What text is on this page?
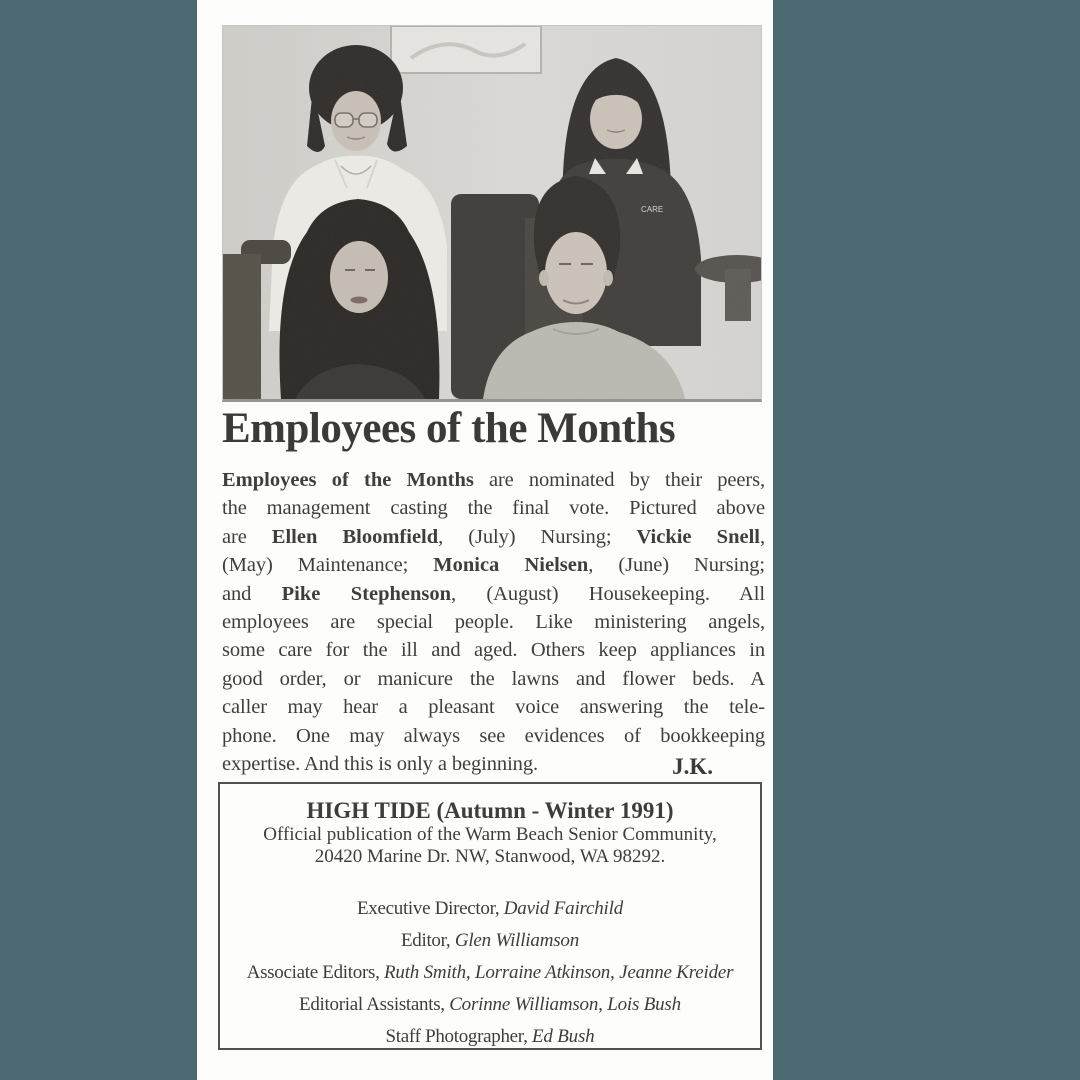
Employees of the Months
J.K.
Employees of the Months are nominated by their peers,
the management casting the final vote. Pictured above
are Ellen Bloomfield, (July) Nursing; Vickie Snell,
(May) Maintenance; Monica Nielsen, (June) Nursing;
and Pike Stephenson, (August) Housekeeping. All
employees are special people. Like ministering angels,
some care for the ill and aged. Others keep appliances in
good order, or manicure the lawns and flower beds. A
caller may hear a pleasant voice answering the tele-
phone. One may always see evidences of bookkeeping
expertise. And this is only a beginning.
HIGH TIDE (Autumn - Winter 1991)
Official publication of the Warm Beach Senior Community,
20420 Marine Dr. NW, Stanwood, WA 98292.
Executive Director, David Fairchild
Editor, Glen Williamson
Associate Editors, Ruth Smith, Lorraine Atkinson, Jeanne Kreider
Editorial Assistants, Corinne Williamson, Lois Bush
Staff Photographer, Ed Bush
